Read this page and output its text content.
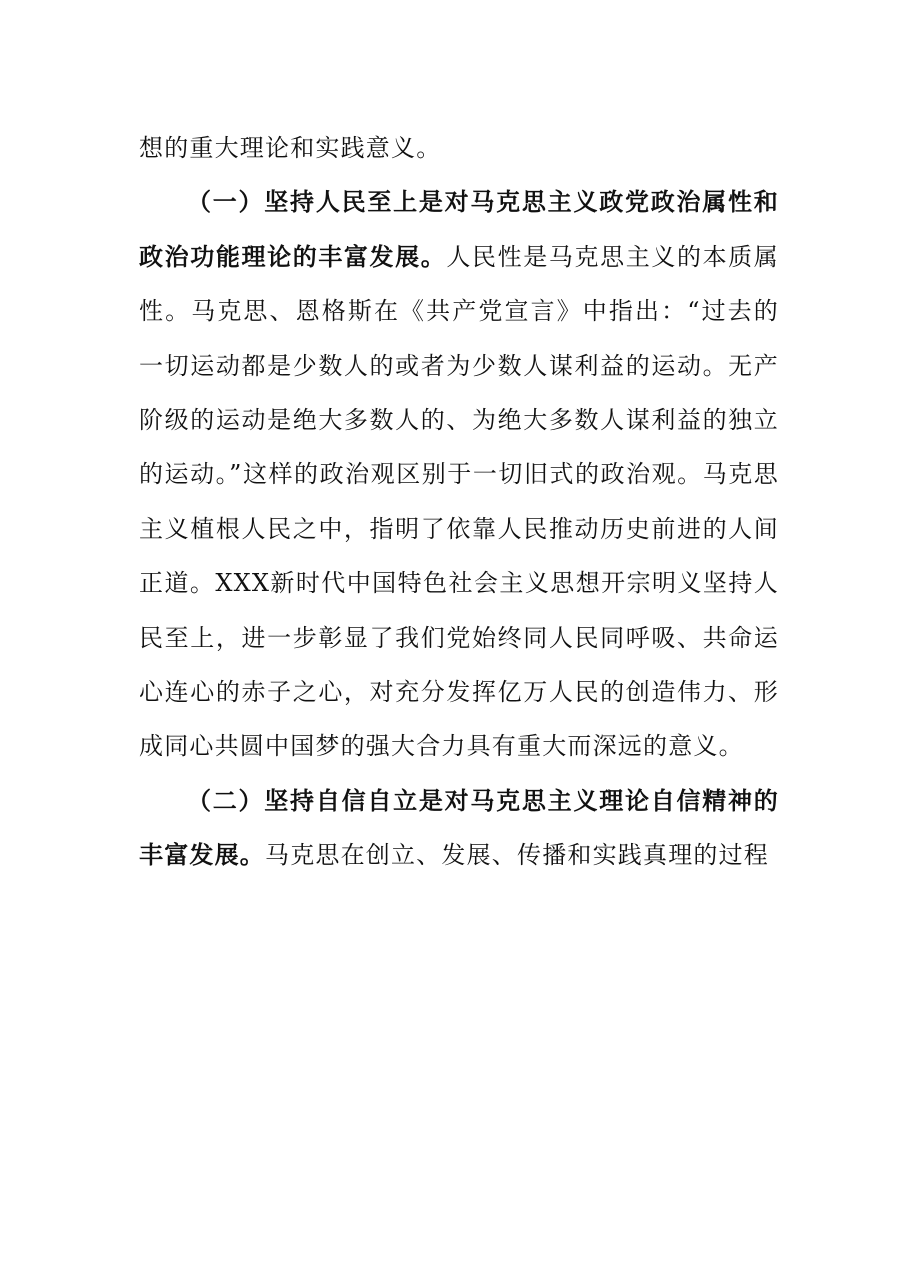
想的重大理论和实践意义。

（一）坚持人民至上是对马克思主义政党政治属性和政治功能理论的丰富发展。人民性是马克思主义的本质属性。马克思、恩格斯在《共产党宣言》中指出：“过去的一切运动都是少数人的或者为少数人谋利益的运动。无产阶级的运动是绝大多数人的、为绝大多数人谋利益的独立的运动。”这样的政治观区别于一切旧式的政治观。马克思主义植根人民之中，指明了依靠人民推动历史前进的人间正道。XXX新时代中国特色社会主义思想开宗明义坚持人民至上，进一步彰显了我们党始终同人民同呼吸、共命运心连心的赤子之心，对充分发挥亿万人民的创造伟力、形成同心共圆中国梦的强大合力具有重大而深远的意义。

（二）坚持自信自立是对马克思主义理论自信精神的丰富发展。马克思在创立、发展、传播和实践真理的过程
